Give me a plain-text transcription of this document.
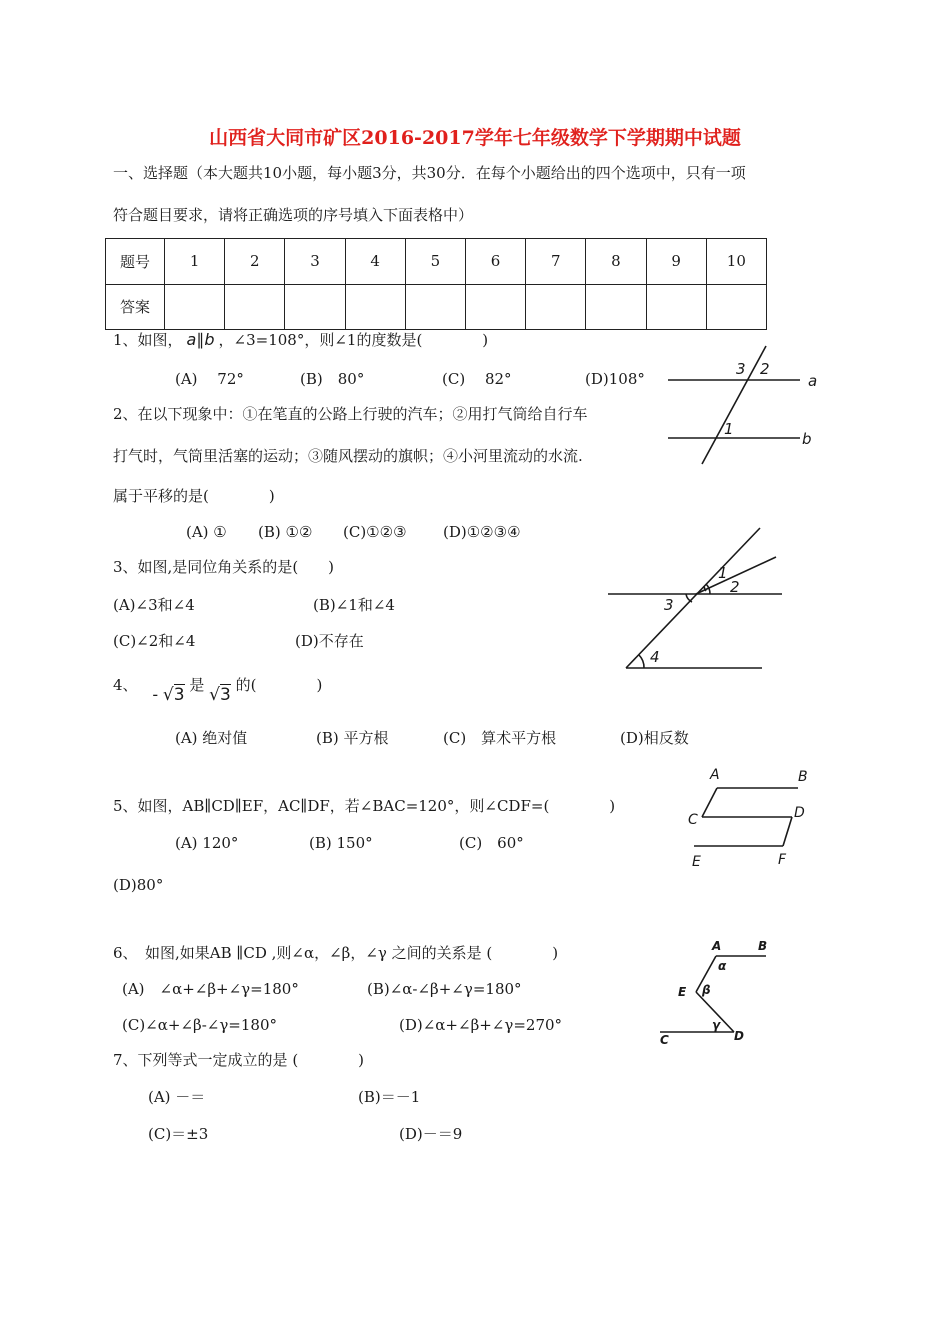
山西省大同市矿区2016-2017学年七年级数学下学期期中试题
一、选择题（本大题共10小题，每小题3分，共30分．在每个小题给出的四个选项中，只有一项
符合题目要求，请将正确选项的序号填入下面表格中）
题号	1	2	3	4	5	6	7	8	9	10
答案										
1、如图， a∥b ，∠3=108°，则∠1的度数是(　　　　)
(A)　 72°	(B)　80°	(C)　 82°	(D)108°
3 2
1
a
b
2、在以下现象中：①在笔直的公路上行驶的汽车；②用打气筒给自行车
打气时，气筒里活塞的运动；③随风摆动的旗帜；④小河里流动的水流.
属于平移的是(　　　　)
(A) ① (B) ①② (C)①②③ (D)①②③④
3、如图,是同位角关系的是(　　)
(A)∠3和∠4	(B)∠1和∠4
(C)∠2和∠4	(D)不存在
1
2
3
4
4、 - √3 是 √3 的(　　　　)
(A) 绝对值	(B) 平方根	(C)　算术平方根	(D)相反数
5、如图，AB∥CD∥EF，AC∥DF，若∠BAC=120°，则∠CDF=(　　　　)
(A) 120°	(B) 150°	(C)　60°
(D)80°
A	B
C	D
E	F
6、　如图,如果AB ∥CD ,则∠α，∠β，∠γ 之间的关系是 (　　　　)
(A)　∠α+∠β+∠γ=180°	(B)∠α-∠β+∠γ=180°
(C)∠α+∠β-∠γ=180°	(D)∠α+∠β+∠γ=270°
A	B
E
C	D
α
β
γ
7、下列等式一定成立的是 (　　　　)
(A) －＝	(B)＝－1
(C)＝±3	(D)－＝9
